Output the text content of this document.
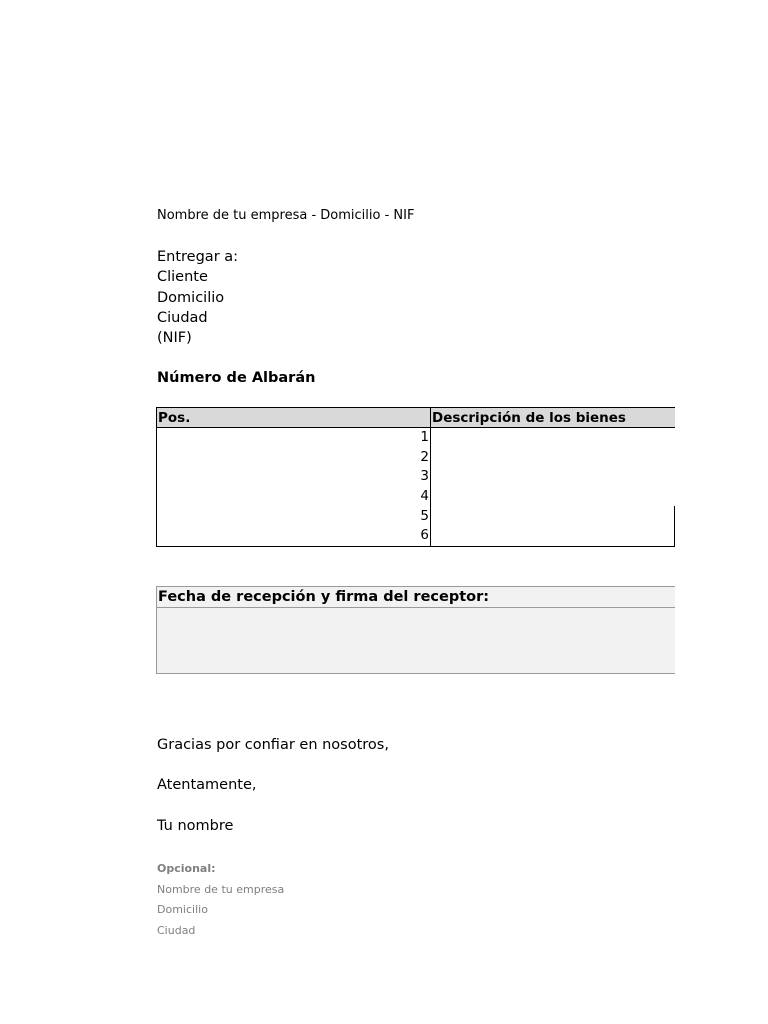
Nombre de tu empresa - Domicilio - NIF
Entregar a:
Cliente
Domicilio
Ciudad
(NIF)
Número de Albarán
Pos.	Descripción de los bienes
1	
2	
3	
4	
5	
6	
Fecha de recepción y firma del receptor:
Gracias por confiar en nosotros,
Atentamente,
Tu nombre
Opcional:
Nombre de tu empresa
Domicilio
Ciudad
